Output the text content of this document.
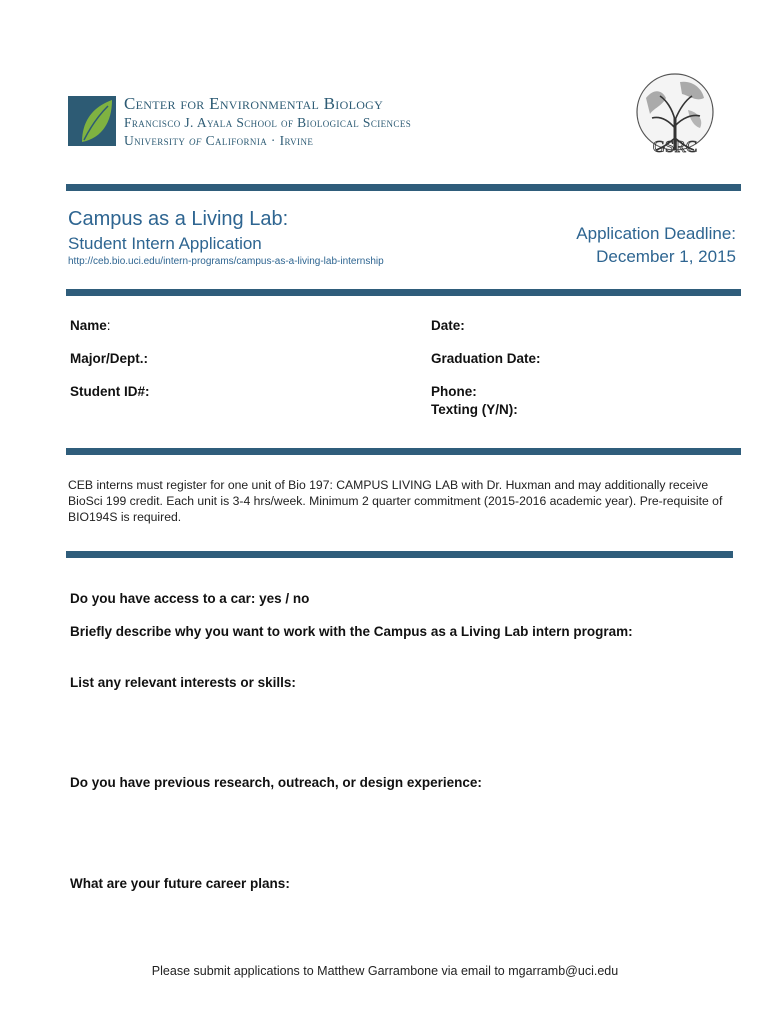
Center for Environmental Biology
Francisco J. Ayala School of Biological Sciences
University of California · Irvine	GSRC
Campus as a Living Lab:
Student Intern Application
http://ceb.bio.uci.edu/intern-programs/campus-as-a-living-lab-internship
Application Deadline:
December 1, 2015
Name:	Date:
Major/Dept.:	Graduation Date:
Student ID#:	Phone:
Texting (Y/N):
CEB interns must register for one unit of Bio 197: CAMPUS LIVING LAB with Dr. Huxman and may additionally receive BioSci 199 credit. Each unit is 3-4 hrs/week. Minimum 2 quarter commitment (2015-2016 academic year). Pre-requisite of BIO194S is required.
Do you have access to a car: yes / no
Briefly describe why you want to work with the Campus as a Living Lab intern program:
List any relevant interests or skills:
Do you have previous research, outreach, or design experience:
What are your future career plans:
Please submit applications to Matthew Garrambone via email to mgarramb@uci.edu
